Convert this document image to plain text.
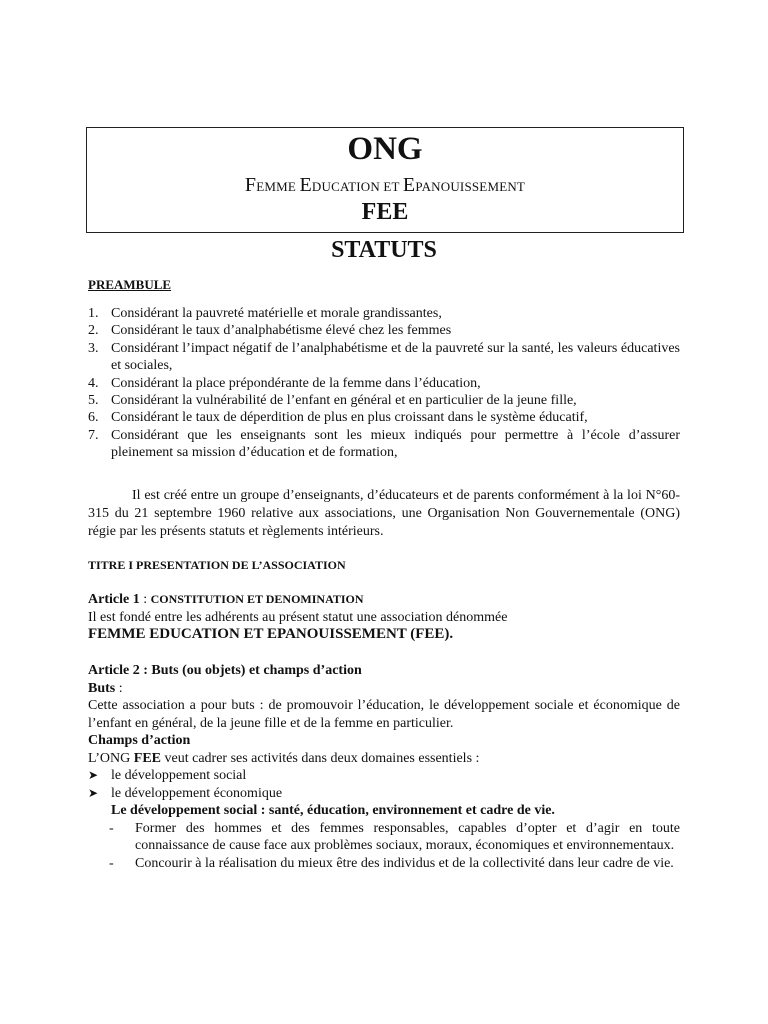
ONG
FEMME EDUCATION ET EPANOUISSEMENT
FEE
STATUTS
PREAMBULE
1. Considérant la pauvreté matérielle et morale grandissantes,
2. Considérant le taux d’analphabétisme élevé chez les femmes
3. Considérant l’impact négatif de l’analphabétisme et de la pauvreté sur la santé, les valeurs éducatives et sociales,
4. Considérant la place prépondérante de la femme dans l’éducation,
5. Considérant la vulnérabilité de l’enfant en général et en particulier de la jeune fille,
6. Considérant le taux de déperdition de plus en plus croissant dans le système éducatif,
7. Considérant que les enseignants sont les mieux indiqués pour permettre à l’école d’assurer pleinement sa mission d’éducation et de formation,
Il est créé entre un groupe d’enseignants, d’éducateurs et de parents conformément à la loi N°60-315 du 21 septembre 1960 relative aux associations, une Organisation Non Gouvernementale (ONG) régie par les présents statuts et règlements intérieurs.
TITRE I PRESENTATION DE L’ASSOCIATION
Article 1 : CONSTITUTION ET DENOMINATION
Il est fondé entre les adhérents au présent statut une association dénommée
FEMME EDUCATION ET EPANOUISSEMENT (FEE).
Article 2 : Buts (ou objets) et champs d’action
Buts :
Cette association a pour buts : de promouvoir l’éducation, le développement sociale et économique de l’enfant en général, de la jeune fille et de la femme en particulier.
Champs d’action
L’ONG FEE veut cadrer ses activités dans deux domaines essentiels :
➤ le développement social
➤ le développement économique
Le développement social : santé, éducation, environnement et cadre de vie.
-	Former des hommes et des femmes responsables, capables d’opter et d’agir en toute connaissance de cause face aux problèmes sociaux, moraux, économiques et environnementaux.
-	Concourir à la réalisation du mieux être des individus et de la collectivité dans leur cadre de vie.
